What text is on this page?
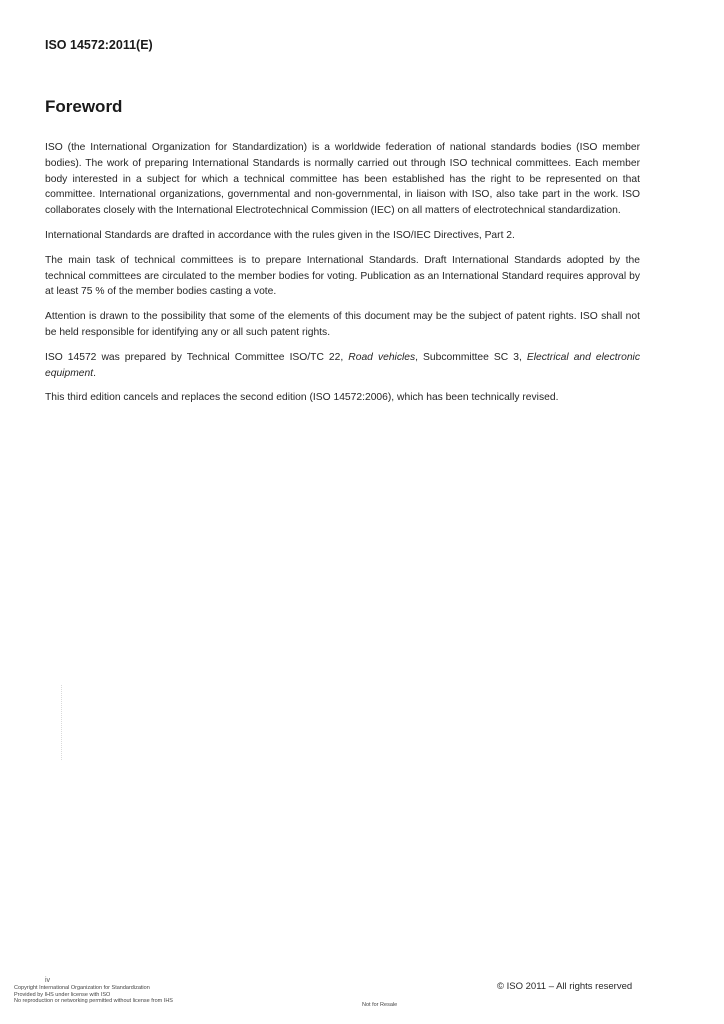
ISO 14572:2011(E)
Foreword

ISO (the International Organization for Standardization) is a worldwide federation of national standards bodies (ISO member bodies). The work of preparing International Standards is normally carried out through ISO technical committees. Each member body interested in a subject for which a technical committee has been established has the right to be represented on that committee. International organizations, governmental and non-governmental, in liaison with ISO, also take part in the work. ISO collaborates closely with the International Electrotechnical Commission (IEC) on all matters of electrotechnical standardization.

International Standards are drafted in accordance with the rules given in the ISO/IEC Directives, Part 2.

The main task of technical committees is to prepare International Standards. Draft International Standards adopted by the technical committees are circulated to the member bodies for voting. Publication as an International Standard requires approval by at least 75 % of the member bodies casting a vote.

Attention is drawn to the possibility that some of the elements of this document may be the subject of patent rights. ISO shall not be held responsible for identifying any or all such patent rights.

ISO 14572 was prepared by Technical Committee ISO/TC 22, Road vehicles, Subcommittee SC 3, Electrical and electronic equipment.

This third edition cancels and replaces the second edition (ISO 14572:2006), which has been technically revised.

iv
Copyright International Organization for Standardization
Provided by IHS under license with ISO
No reproduction or networking permitted without license from IHS
Not for Resale
© ISO 2011 – All rights reserved
